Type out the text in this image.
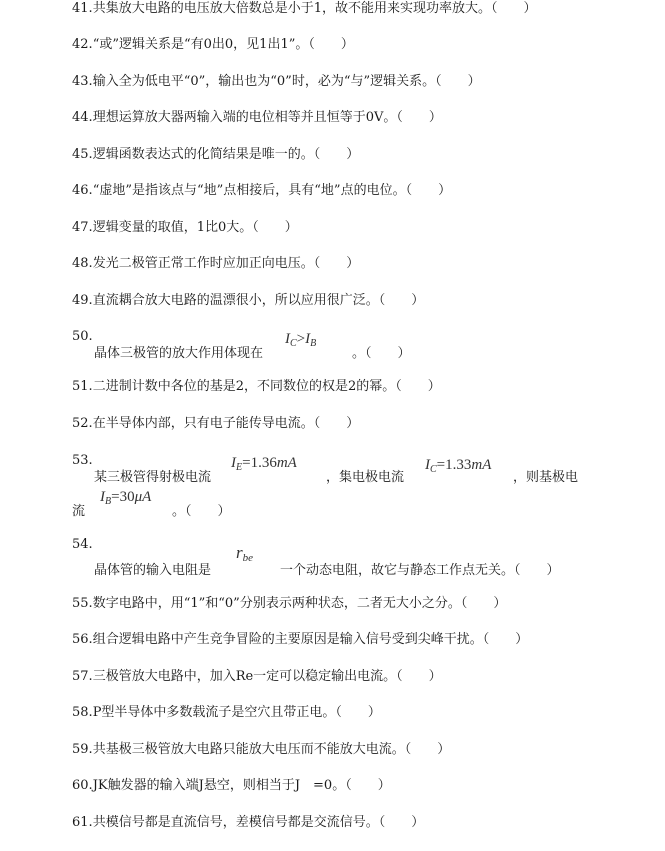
41.共集放大电路的电压放大倍数总是小于1，故不能用来实现功率放大。（　　）
42.“或”逻辑关系是“有0出0，见1出1”。（　　）
43.输入全为低电平“0”，输出也为“0”时，必为“与”逻辑关系。（　　）
44.理想运算放大器两输入端的电位相等并且恒等于0V。（　　）
45.逻辑函数表达式的化简结果是唯一的。（　　）
46.“虚地”是指该点与“地”点相接后，具有“地”点的电位。（　　）
47.逻辑变量的取值，1比0大。（　　）
48.发光二极管正常工作时应加正向电压。（　　）
49.直流耦合放大电路的温漂很小，所以应用很广泛。（　　）
50.
晶体三极管的放大作用体现在
$I_C>I_B$
。（　　）
51.二进制计数中各位的基是2，不同数位的权是2的幂。（　　）
52.在半导体内部，只有电子能传导电流。（　　）
53.
某三极管得射极电流
$I_E=1.36mA$
，集电极电流
$I_C=1.33mA$
，则基极电
流
$I_B=30\mu A$
。（　　）
54.
晶体管的输入电阻是
$r_{be}$
一个动态电阻，故它与静态工作点无关。（　　）
55.数字电路中，用“1”和“0”分别表示两种状态，二者无大小之分。（　　）
56.组合逻辑电路中产生竞争冒险的主要原因是输入信号受到尖峰干扰。（　　）
57.三极管放大电路中，加入Re一定可以稳定输出电流。（　　）
58.P型半导体中多数载流子是空穴且带正电。（　　）
59.共基极三极管放大电路只能放大电压而不能放大电流。（　　）
60.JK触发器的输入端J悬空，则相当于J　=0。（　　）
61.共模信号都是直流信号，差模信号都是交流信号。（　　）
